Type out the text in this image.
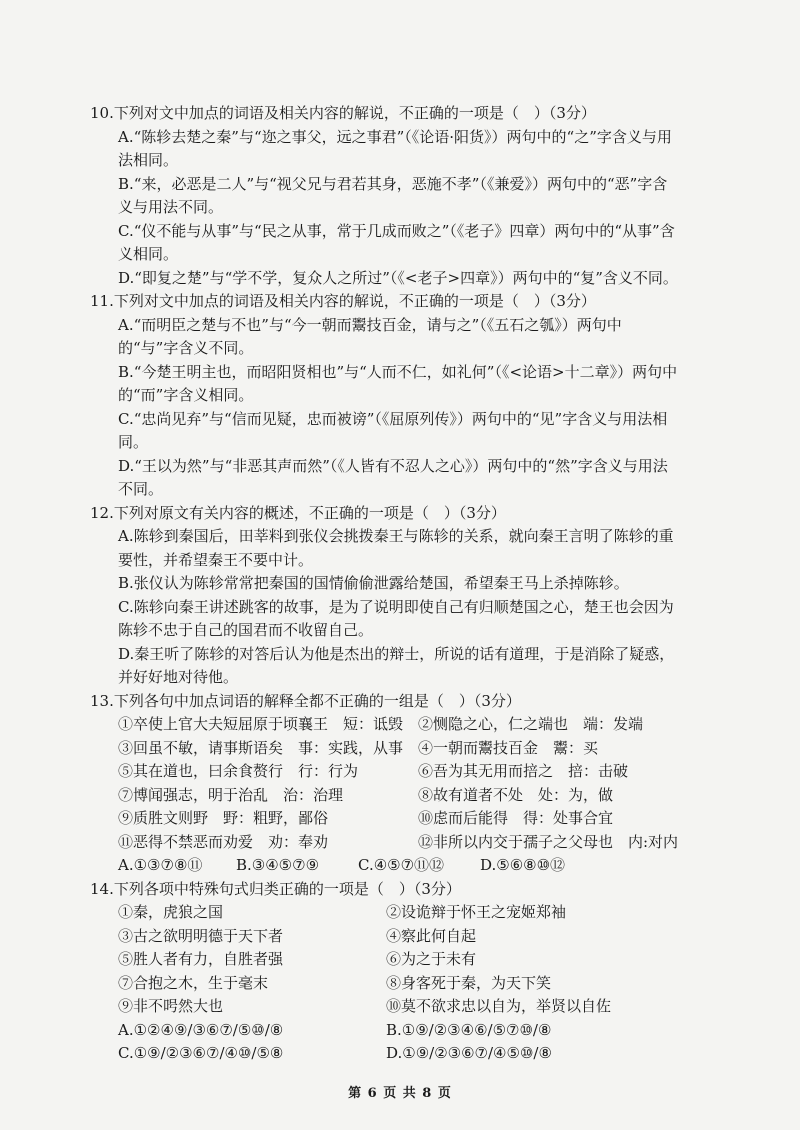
10.下列对文中加点的词语及相关内容的解说，不正确的一项是（　）（3分）
A.“陈轸去楚之秦”与“迩之事父，远之事君”（《论语·阳货》）两句中的“之”字含义与用法相同。
B.“来，必恶是二人”与“视父兄与君若其身，恶施不孝”（《兼爱》）两句中的“恶”字含义与用法不同。
C.“仪不能与从事”与“民之从事，常于几成而败之”（《老子》四章）两句中的“从事”含义相同。
D.“即复之楚”与“学不学，复众人之所过”（《<老子>四章》）两句中的“复”含义不同。
11.下列对文中加点的词语及相关内容的解说，不正确的一项是（　）（3分）
A.“而明臣之楚与不也”与“今一朝而鬻技百金，请与之”（《五石之瓠》）两句中的“与”字含义不同。
B.“今楚王明主也，而昭阳贤相也”与“人而不仁，如礼何”（《<论语>十二章》）两句中的“而”字含义相同。
C.“忠尚见弃”与“信而见疑，忠而被谤”（《屈原列传》）两句中的“见”字含义与用法相同。
D.“王以为然”与“非恶其声而然”（《人皆有不忍人之心》）两句中的“然”字含义与用法不同。
12.下列对原文有关内容的概述，不正确的一项是（　）（3分）
A.陈轸到秦国后，田莘料到张仪会挑拨秦王与陈轸的关系，就向秦王言明了陈轸的重要性，并希望秦王不要中计。
B.张仪认为陈轸常常把秦国的国情偷偷泄露给楚国，希望秦王马上杀掉陈轸。
C.陈轸向秦王讲述跳客的故事，是为了说明即使自己有归顺楚国之心，楚王也会因为陈轸不忠于自己的国君而不收留自己。
D.秦王听了陈轸的对答后认为他是杰出的辩士，所说的话有道理，于是消除了疑惑，并好好地对待他。
13.下列各句中加点词语的解释全都不正确的一组是（　）（3分）
①卒使上官大夫短屈原于顷襄王　短：诋毁 ②恻隐之心，仁之端也　端：发端
③回虽不敏，请事斯语矣　事：实践，从事 ④一朝而鬻技百金　鬻：买
⑤其在道也，曰余食赘行　行：行为	⑥吾为其无用而掊之　掊：击破
⑦博闻强志，明于治乱　治：治理	⑧故有道者不处　处：为，做
⑨质胜文则野　野：粗野，鄙俗	⑩虑而后能得　得：处事合宜
⑪恶得不禁恶而劝爱　劝：奉劝	⑫非所以内交于孺子之父母也　内:对内
A.①③⑦⑧⑪	B.③④⑤⑦⑨	C.④⑤⑦⑪⑫	D.⑤⑥⑧⑩⑫
14.下列各项中特殊句式归类正确的一项是（　）（3分）
①秦，虎狼之国	②设诡辩于怀王之宠姬郑袖
③古之欲明明德于天下者	④察此何自起
⑤胜人者有力，自胜者强	⑥为之于未有
⑦合抱之木，生于毫末	⑧身客死于秦，为天下笑
⑨非不呺然大也	⑩莫不欲求忠以自为，举贤以自佐
A.①②④⑨/③⑥⑦/⑤⑩/⑧	B.①⑨/②③④⑥/⑤⑦⑩/⑧
C.①⑨/②③⑥⑦/④⑩/⑤⑧	D.①⑨/②③⑥⑦/④⑤⑩/⑧
第 6 页 共 8 页
